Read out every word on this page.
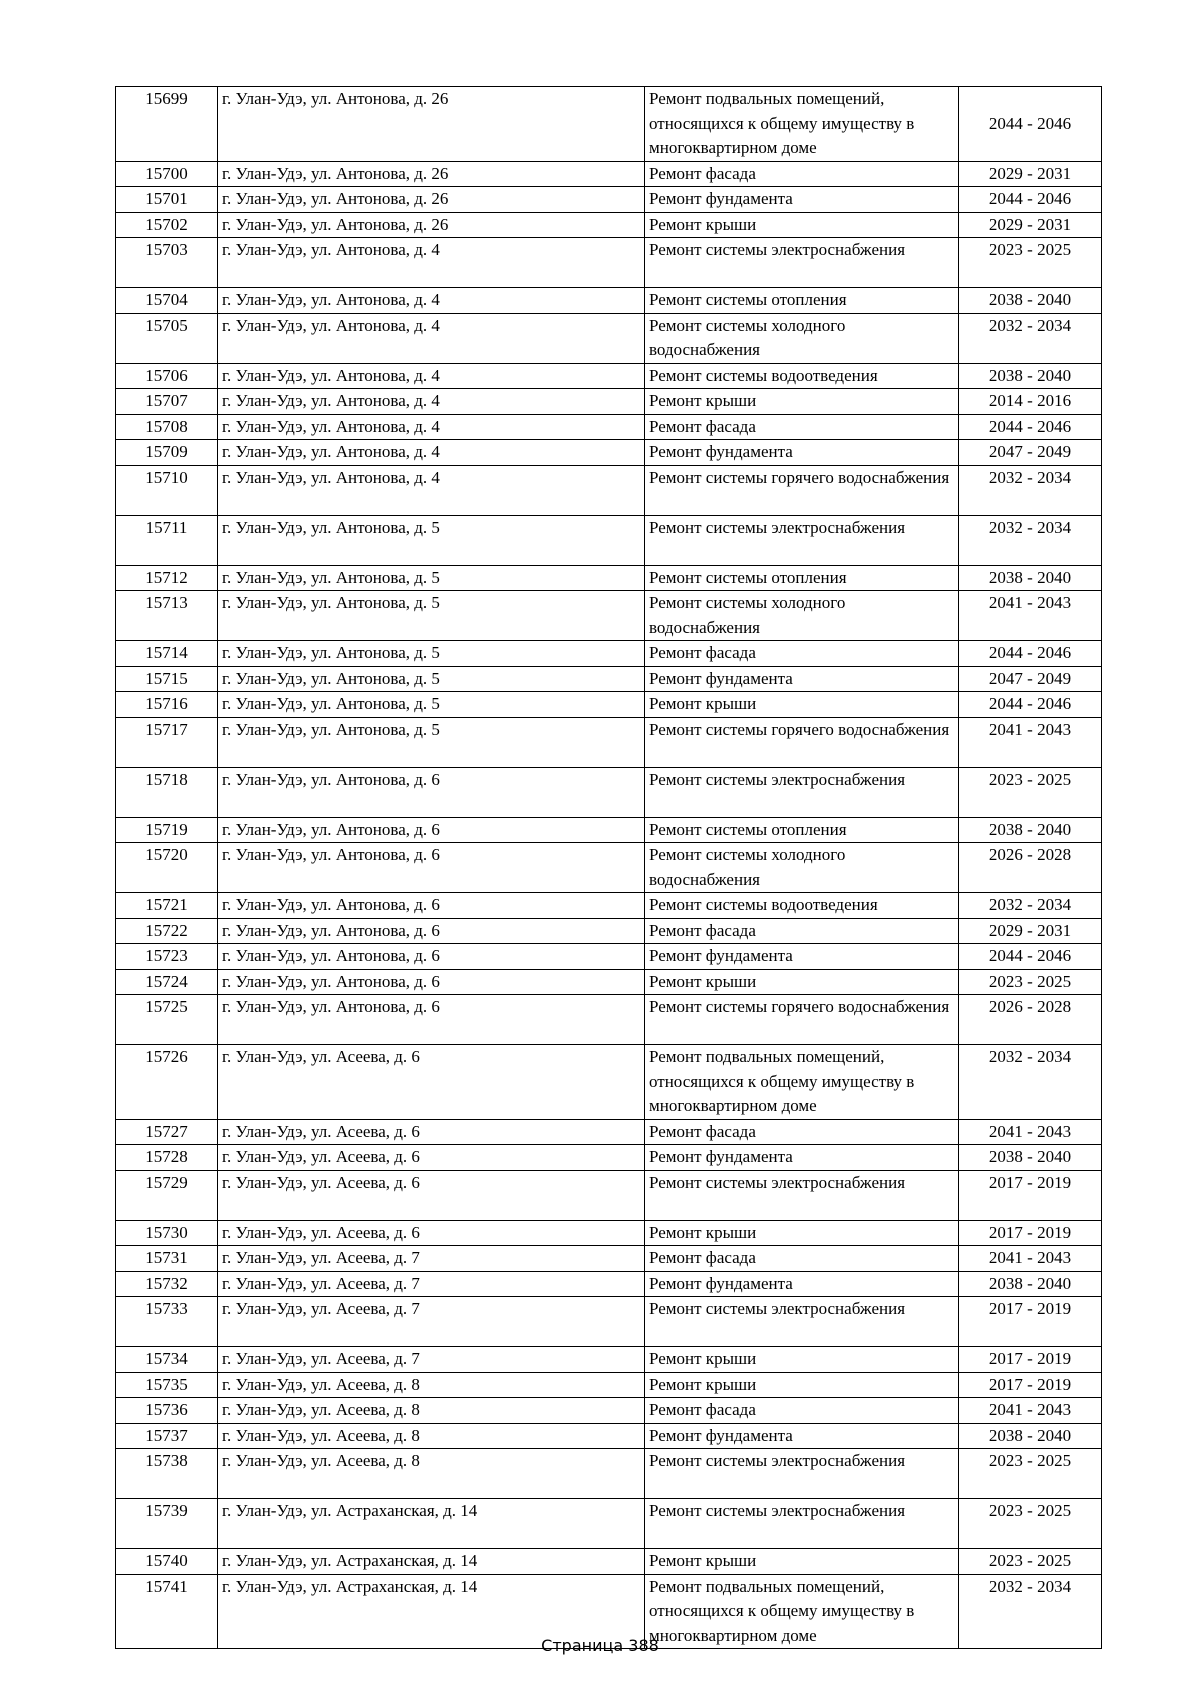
15699	г. Улан-Удэ, ул. Антонова, д. 26	Ремонт подвальных помещений, относящихся к общему имуществу в многоквартирном доме	2044 - 2046
15700	г. Улан-Удэ, ул. Антонова, д. 26	Ремонт фасада	2029 - 2031
15701	г. Улан-Удэ, ул. Антонова, д. 26	Ремонт фундамента	2044 - 2046
15702	г. Улан-Удэ, ул. Антонова, д. 26	Ремонт крыши	2029 - 2031
15703	г. Улан-Удэ, ул. Антонова, д. 4	Ремонт системы электроснабжения	2023 - 2025
15704	г. Улан-Удэ, ул. Антонова, д. 4	Ремонт системы отопления	2038 - 2040
15705	г. Улан-Удэ, ул. Антонова, д. 4	Ремонт системы холодного водоснабжения	2032 - 2034
15706	г. Улан-Удэ, ул. Антонова, д. 4	Ремонт системы водоотведения	2038 - 2040
15707	г. Улан-Удэ, ул. Антонова, д. 4	Ремонт крыши	2014 - 2016
15708	г. Улан-Удэ, ул. Антонова, д. 4	Ремонт фасада	2044 - 2046
15709	г. Улан-Удэ, ул. Антонова, д. 4	Ремонт фундамента	2047 - 2049
15710	г. Улан-Удэ, ул. Антонова, д. 4	Ремонт системы горячего водоснабжения	2032 - 2034
15711	г. Улан-Удэ, ул. Антонова, д. 5	Ремонт системы электроснабжения	2032 - 2034
15712	г. Улан-Удэ, ул. Антонова, д. 5	Ремонт системы отопления	2038 - 2040
15713	г. Улан-Удэ, ул. Антонова, д. 5	Ремонт системы холодного водоснабжения	2041 - 2043
15714	г. Улан-Удэ, ул. Антонова, д. 5	Ремонт фасада	2044 - 2046
15715	г. Улан-Удэ, ул. Антонова, д. 5	Ремонт фундамента	2047 - 2049
15716	г. Улан-Удэ, ул. Антонова, д. 5	Ремонт крыши	2044 - 2046
15717	г. Улан-Удэ, ул. Антонова, д. 5	Ремонт системы горячего водоснабжения	2041 - 2043
15718	г. Улан-Удэ, ул. Антонова, д. 6	Ремонт системы электроснабжения	2023 - 2025
15719	г. Улан-Удэ, ул. Антонова, д. 6	Ремонт системы отопления	2038 - 2040
15720	г. Улан-Удэ, ул. Антонова, д. 6	Ремонт системы холодного водоснабжения	2026 - 2028
15721	г. Улан-Удэ, ул. Антонова, д. 6	Ремонт системы водоотведения	2032 - 2034
15722	г. Улан-Удэ, ул. Антонова, д. 6	Ремонт фасада	2029 - 2031
15723	г. Улан-Удэ, ул. Антонова, д. 6	Ремонт фундамента	2044 - 2046
15724	г. Улан-Удэ, ул. Антонова, д. 6	Ремонт крыши	2023 - 2025
15725	г. Улан-Удэ, ул. Антонова, д. 6	Ремонт системы горячего водоснабжения	2026 - 2028
15726	г. Улан-Удэ, ул. Асеева, д. 6	Ремонт подвальных помещений, относящихся к общему имуществу в многоквартирном доме	2032 - 2034
15727	г. Улан-Удэ, ул. Асеева, д. 6	Ремонт фасада	2041 - 2043
15728	г. Улан-Удэ, ул. Асеева, д. 6	Ремонт фундамента	2038 - 2040
15729	г. Улан-Удэ, ул. Асеева, д. 6	Ремонт системы электроснабжения	2017 - 2019
15730	г. Улан-Удэ, ул. Асеева, д. 6	Ремонт крыши	2017 - 2019
15731	г. Улан-Удэ, ул. Асеева, д. 7	Ремонт фасада	2041 - 2043
15732	г. Улан-Удэ, ул. Асеева, д. 7	Ремонт фундамента	2038 - 2040
15733	г. Улан-Удэ, ул. Асеева, д. 7	Ремонт системы электроснабжения	2017 - 2019
15734	г. Улан-Удэ, ул. Асеева, д. 7	Ремонт крыши	2017 - 2019
15735	г. Улан-Удэ, ул. Асеева, д. 8	Ремонт крыши	2017 - 2019
15736	г. Улан-Удэ, ул. Асеева, д. 8	Ремонт фасада	2041 - 2043
15737	г. Улан-Удэ, ул. Асеева, д. 8	Ремонт фундамента	2038 - 2040
15738	г. Улан-Удэ, ул. Асеева, д. 8	Ремонт системы электроснабжения	2023 - 2025
15739	г. Улан-Удэ, ул. Астраханская, д. 14	Ремонт системы электроснабжения	2023 - 2025
15740	г. Улан-Удэ, ул. Астраханская, д. 14	Ремонт крыши	2023 - 2025
15741	г. Улан-Удэ, ул. Астраханская, д. 14	Ремонт подвальных помещений, относящихся к общему имуществу в многоквартирном доме	2032 - 2034
Страница 388
